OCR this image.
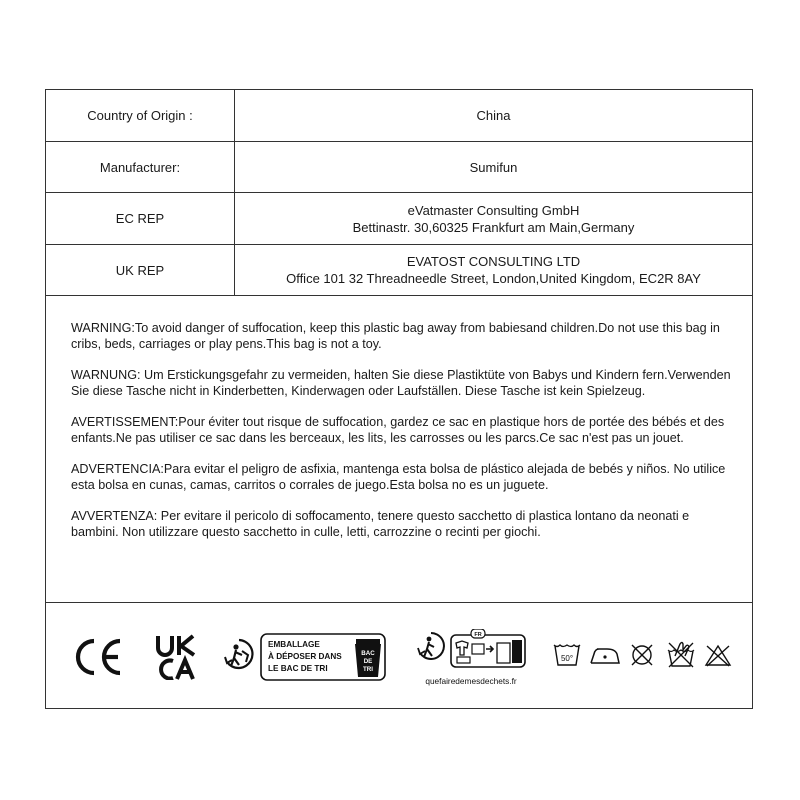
Country of Origin :	China
Manufacturer:	Sumifun
EC REP
eVatmaster Consulting GmbH
Bettinastr. 30,60325 Frankfurt am Main,Germany
UK REP
EVATOST CONSULTING LTD
Office 101 32 Threadneedle Street, London,United Kingdom, EC2R 8AY

WARNING:To avoid danger of suffocation, keep this plastic bag away from babiesand children.Do not use this bag in cribs, beds, carriages or play pens.This bag is not a toy.

WARNUNG: Um Erstickungsgefahr zu vermeiden, halten Sie diese Plastiktüte von Babys und Kindern fern.Verwenden Sie diese Tasche nicht in Kinderbetten, Kinderwagen oder Laufställen. Diese Tasche ist kein Spielzeug.

AVERTISSEMENT:Pour éviter tout risque de suffocation, gardez ce sac en plastique hors de portée des bébés et des enfants.Ne pas utiliser ce sac dans les berceaux, les lits, les carrosses ou les parcs.Ce sac n'est pas un jouet.

ADVERTENCIA:Para evitar el peligro de asfixia, mantenga esta bolsa de plástico alejada de bebés y niños. No utilice esta bolsa en cunas, camas, carritos o corrales de juego.Esta bolsa no es un juguete.

AVVERTENZA: Per evitare il pericolo di soffocamento, tenere questo sacchetto di plastica lontano da neonati e bambini. Non utilizzare questo sacchetto in culle, letti, carrozzine o recinti per giochi.

EMBALLAGE
À DÉPOSER DANS
LE BAC DE TRI
BAC
DE
TRI
FR
quefairedemesdechets.fr
50°
